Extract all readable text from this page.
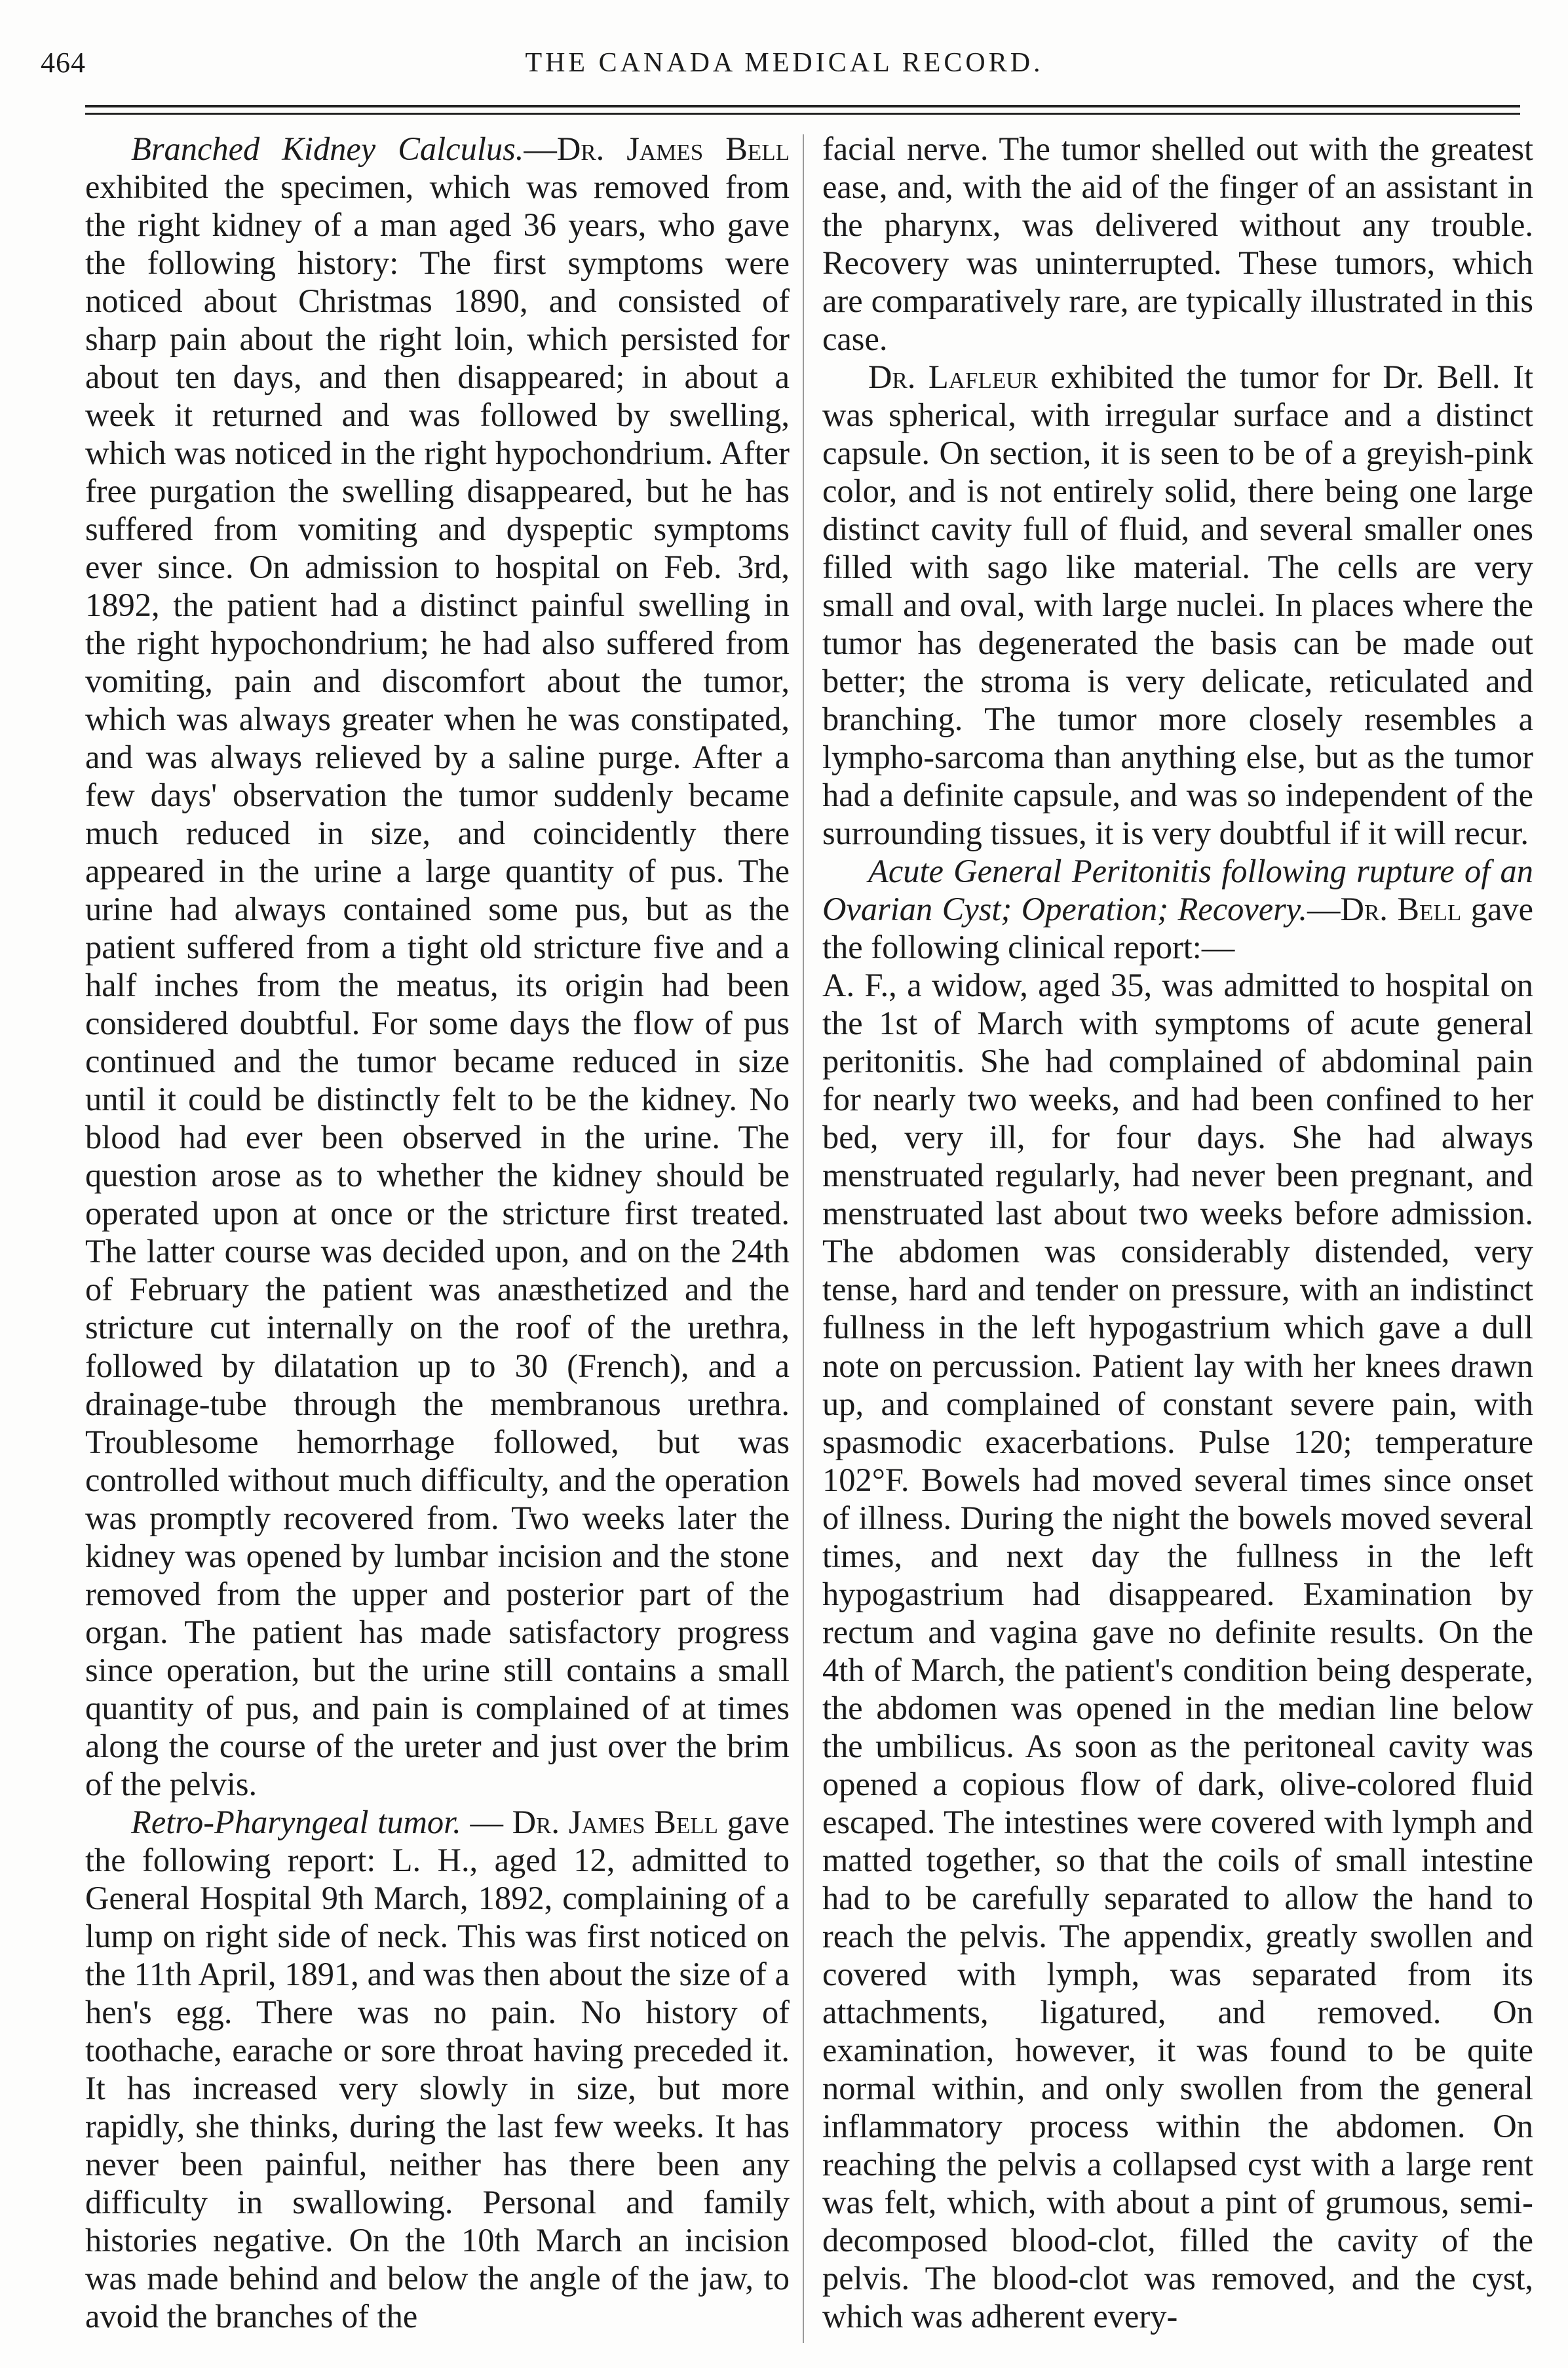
464	THE CANADA MEDICAL RECORD.

Branched Kidney Calculus.—Dr. James Bell exhibited the specimen, which was removed from the right kidney of a man aged 36 years, who gave the following history: The first symptoms were noticed about Christmas 1890, and consisted of sharp pain about the right loin, which persisted for about ten days, and then disappeared; in about a week it returned and was followed by swelling, which was noticed in the right hypochondrium. After free purgation the swelling disappeared, but he has suffered from vomiting and dyspeptic symptoms ever since. On admission to hospital on Feb. 3rd, 1892, the patient had a distinct painful swelling in the right hypochondrium; he had also suffered from vomiting, pain and discomfort about the tumor, which was always greater when he was constipated, and was always relieved by a saline purge. After a few days' observation the tumor suddenly became much reduced in size, and coincidently there appeared in the urine a large quantity of pus. The urine had always contained some pus, but as the patient suffered from a tight old stricture five and a half inches from the meatus, its origin had been considered doubtful. For some days the flow of pus continued and the tumor became reduced in size until it could be distinctly felt to be the kidney. No blood had ever been observed in the urine. The question arose as to whether the kidney should be operated upon at once or the stricture first treated. The latter course was decided upon, and on the 24th of February the patient was anæsthetized and the stricture cut internally on the roof of the urethra, followed by dilatation up to 30 (French), and a drainage-tube through the membranous urethra. Troublesome hemorrhage followed, but was controlled without much difficulty, and the operation was promptly recovered from. Two weeks later the kidney was opened by lumbar incision and the stone removed from the upper and posterior part of the organ. The patient has made satisfactory progress since operation, but the urine still contains a small quantity of pus, and pain is complained of at times along the course of the ureter and just over the brim of the pelvis.

Retro-Pharyngeal tumor. — Dr. James Bell gave the following report: L. H., aged 12, admitted to General Hospital 9th March, 1892, complaining of a lump on right side of neck. This was first noticed on the 11th April, 1891, and was then about the size of a hen's egg. There was no pain. No history of toothache, earache or sore throat having preceded it. It has increased very slowly in size, but more rapidly, she thinks, during the last few weeks. It has never been painful, neither has there been any difficulty in swallowing. Personal and family histories negative. On the 10th March an incision was made behind and below the angle of the jaw, to avoid the branches of the

facial nerve. The tumor shelled out with the greatest ease, and, with the aid of the finger of an assistant in the pharynx, was delivered without any trouble. Recovery was uninterrupted. These tumors, which are comparatively rare, are typically illustrated in this case.

Dr. Lafleur exhibited the tumor for Dr. Bell. It was spherical, with irregular surface and a distinct capsule. On section, it is seen to be of a greyish-pink color, and is not entirely solid, there being one large distinct cavity full of fluid, and several smaller ones filled with sago like material. The cells are very small and oval, with large nuclei. In places where the tumor has degenerated the basis can be made out better; the stroma is very delicate, reticulated and branching. The tumor more closely resembles a lympho-sarcoma than anything else, but as the tumor had a definite capsule, and was so independent of the surrounding tissues, it is very doubtful if it will recur.

Acute General Peritonitis following rupture of an Ovarian Cyst; Operation; Recovery.—Dr. Bell gave the following clinical report:—

A. F., a widow, aged 35, was admitted to hospital on the 1st of March with symptoms of acute general peritonitis. She had complained of abdominal pain for nearly two weeks, and had been confined to her bed, very ill, for four days. She had always menstruated regularly, had never been pregnant, and menstruated last about two weeks before admission. The abdomen was considerably distended, very tense, hard and tender on pressure, with an indistinct fullness in the left hypogastrium which gave a dull note on percussion. Patient lay with her knees drawn up, and complained of constant severe pain, with spasmodic exacerbations. Pulse 120; temperature 102°F. Bowels had moved several times since onset of illness. During the night the bowels moved several times, and next day the fullness in the left hypogastrium had disappeared. Examination by rectum and vagina gave no definite results. On the 4th of March, the patient's condition being desperate, the abdomen was opened in the median line below the umbilicus. As soon as the peritoneal cavity was opened a copious flow of dark, olive-colored fluid escaped. The intestines were covered with lymph and matted together, so that the coils of small intestine had to be carefully separated to allow the hand to reach the pelvis. The appendix, greatly swollen and covered with lymph, was separated from its attachments, ligatured, and removed. On examination, however, it was found to be quite normal within, and only swollen from the general inflammatory process within the abdomen. On reaching the pelvis a collapsed cyst with a large rent was felt, which, with about a pint of grumous, semi-decomposed blood-clot, filled the cavity of the pelvis. The blood-clot was removed, and the cyst, which was adherent every-
